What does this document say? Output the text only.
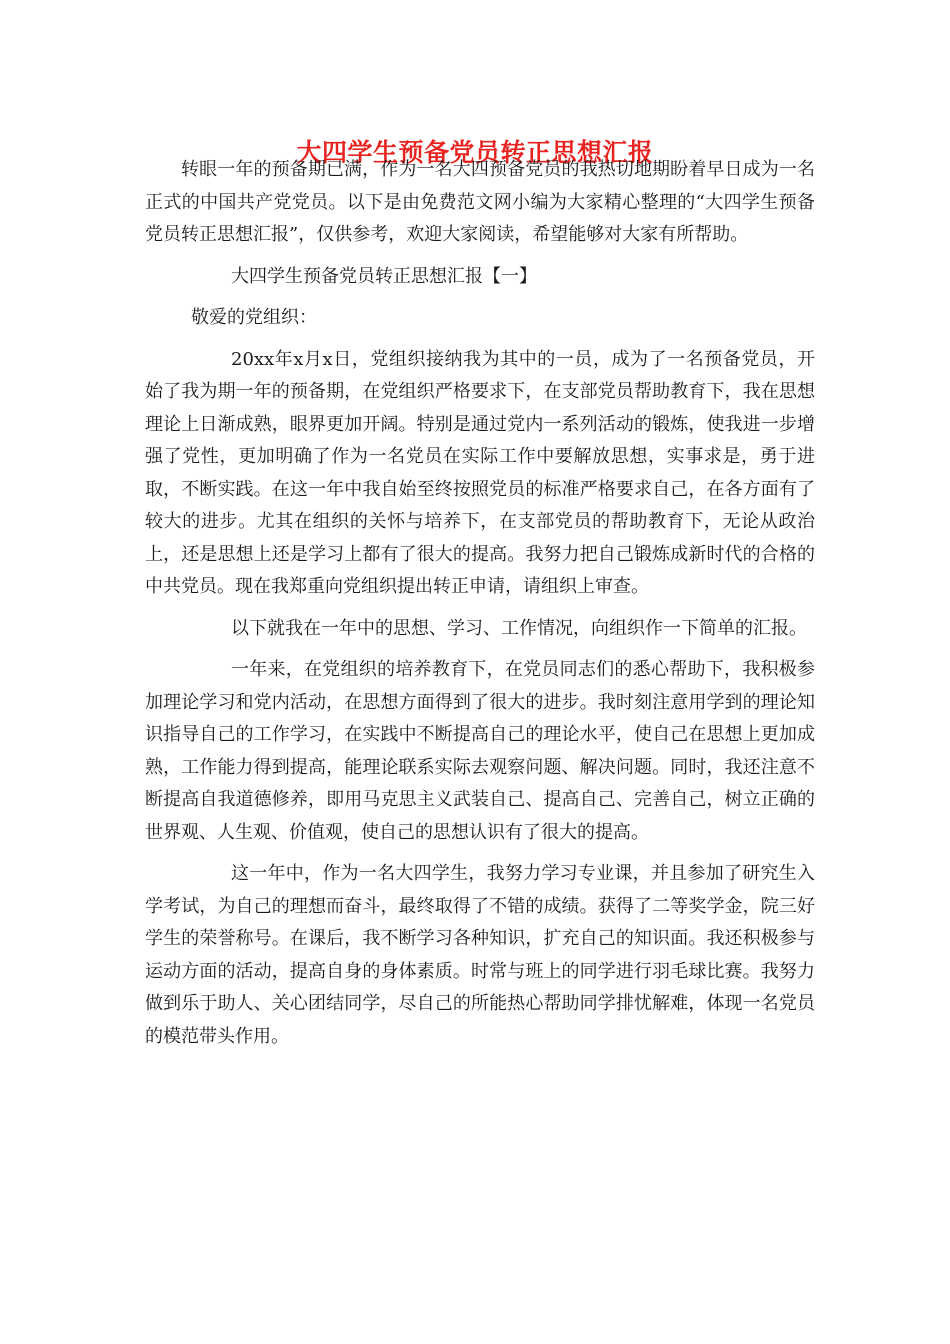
大四学生预备党员转正思想汇报

转眼一年的预备期已满，作为一名大四预备党员的我热切地期盼着早日成为一名正式的中国共产党党员。以下是由免费范文网小编为大家精心整理的“大四学生预备党员转正思想汇报”，仅供参考，欢迎大家阅读，希望能够对大家有所帮助。

大四学生预备党员转正思想汇报【一】

敬爱的党组织：

20xx年x月x日，党组织接纳我为其中的一员，成为了一名预备党员，开始了我为期一年的预备期，在党组织严格要求下，在支部党员帮助教育下，我在思想理论上日渐成熟，眼界更加开阔。特别是通过党内一系列活动的锻炼，使我进一步增强了党性，更加明确了作为一名党员在实际工作中要解放思想，实事求是，勇于进取，不断实践。在这一年中我自始至终按照党员的标准严格要求自己，在各方面有了较大的进步。尤其在组织的关怀与培养下，在支部党员的帮助教育下，无论从政治上，还是思想上还是学习上都有了很大的提高。我努力把自己锻炼成新时代的合格的中共党员。现在我郑重向党组织提出转正申请，请组织上审查。

以下就我在一年中的思想、学习、工作情况，向组织作一下简单的汇报。

一年来，在党组织的培养教育下，在党员同志们的悉心帮助下，我积极参加理论学习和党内活动，在思想方面得到了很大的进步。我时刻注意用学到的理论知识指导自己的工作学习，在实践中不断提高自己的理论水平，使自己在思想上更加成熟，工作能力得到提高，能理论联系实际去观察问题、解决问题。同时，我还注意不断提高自我道德修养，即用马克思主义武装自己、提高自己、完善自己，树立正确的世界观、人生观、价值观，使自己的思想认识有了很大的提高。

这一年中，作为一名大四学生，我努力学习专业课，并且参加了研究生入学考试，为自己的理想而奋斗，最终取得了不错的成绩。获得了二等奖学金，院三好学生的荣誉称号。在课后，我不断学习各种知识，扩充自己的知识面。我还积极参与运动方面的活动，提高自身的身体素质。时常与班上的同学进行羽毛球比赛。我努力做到乐于助人、关心团结同学，尽自己的所能热心帮助同学排忧解难，体现一名党员的模范带头作用。
